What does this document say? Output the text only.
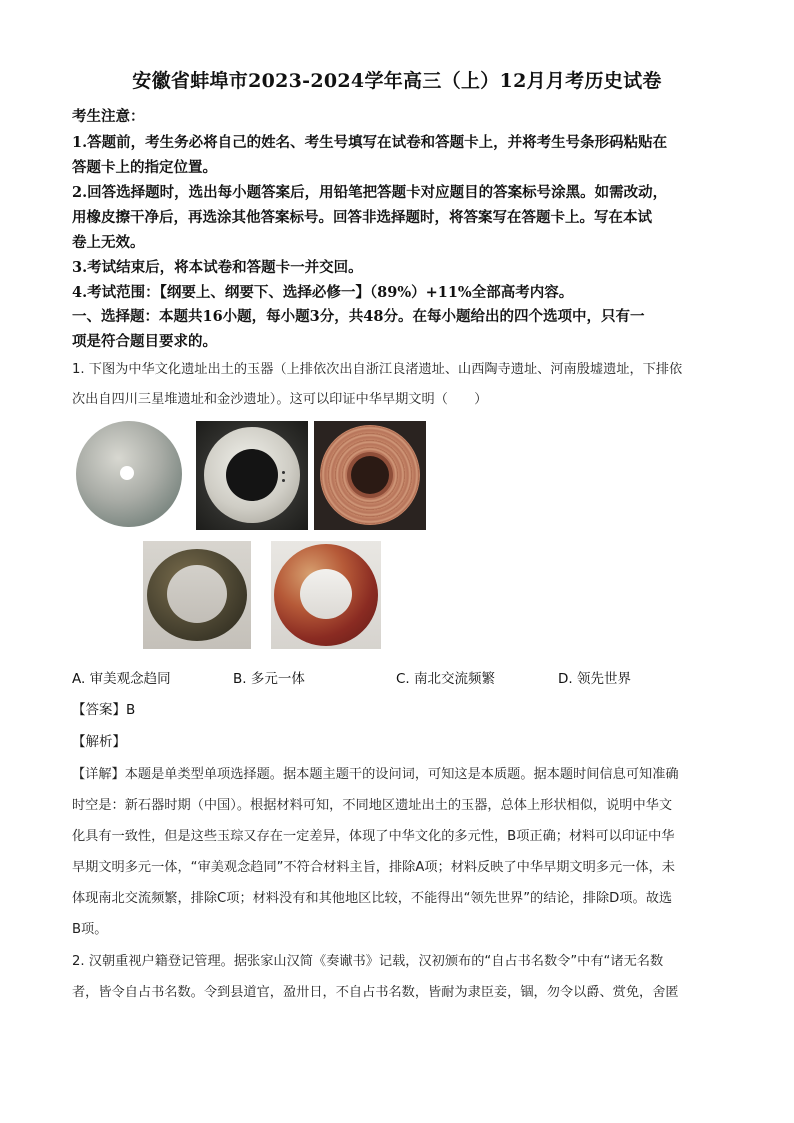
安徽省蚌埠市2023-2024学年高三（上）12月月考历史试卷
考生注意：
1.答题前，考生务必将自己的姓名、考生号填写在试卷和答题卡上，并将考生号条形码粘贴在
答题卡上的指定位置。
2.回答选择题时，选出每小题答案后，用铅笔把答题卡对应题目的答案标号涂黑。如需改动，
用橡皮擦干净后，再选涂其他答案标号。回答非选择题时，将答案写在答题卡上。写在本试
卷上无效。
3.考试结束后，将本试卷和答题卡一并交回。
4.考试范围：【纲要上、纲要下、选择必修一】（89%）+11%全部高考内容。
一、选择题：本题共16小题，每小题3分，共48分。在每小题给出的四个选项中，只有一
项是符合题目要求的。
1. 下图为中华文化遗址出土的玉器（上排依次出自浙江良渚遗址、山西陶寺遗址、河南殷墟遗址，下排依
次出自四川三星堆遗址和金沙遗址）。这可以印证中华早期文明（　　）
A. 审美观念趋同	B. 多元一体	C. 南北交流频繁	D. 领先世界
【答案】B
【解析】
【详解】本题是单类型单项选择题。据本题主题干的设问词，可知这是本质题。据本题时间信息可知准确
时空是：新石器时期（中国）。根据材料可知，不同地区遗址出土的玉器，总体上形状相似，说明中华文
化具有一致性，但是这些玉琮又存在一定差异，体现了中华文化的多元性，B项正确；材料可以印证中华
早期文明多元一体，“审美观念趋同”不符合材料主旨，排除A项；材料反映了中华早期文明多元一体，未
体现南北交流频繁，排除C项；材料没有和其他地区比较，不能得出“领先世界”的结论，排除D项。故选
B项。
2. 汉朝重视户籍登记管理。据张家山汉简《奏谳书》记载，汉初颁布的“自占书名数令”中有“诸无名数
者，皆令自占书名数。令到县道官，盈卅日，不自占书名数，皆耐为隶臣妾，锢，勿令以爵、赏免，舍匿
